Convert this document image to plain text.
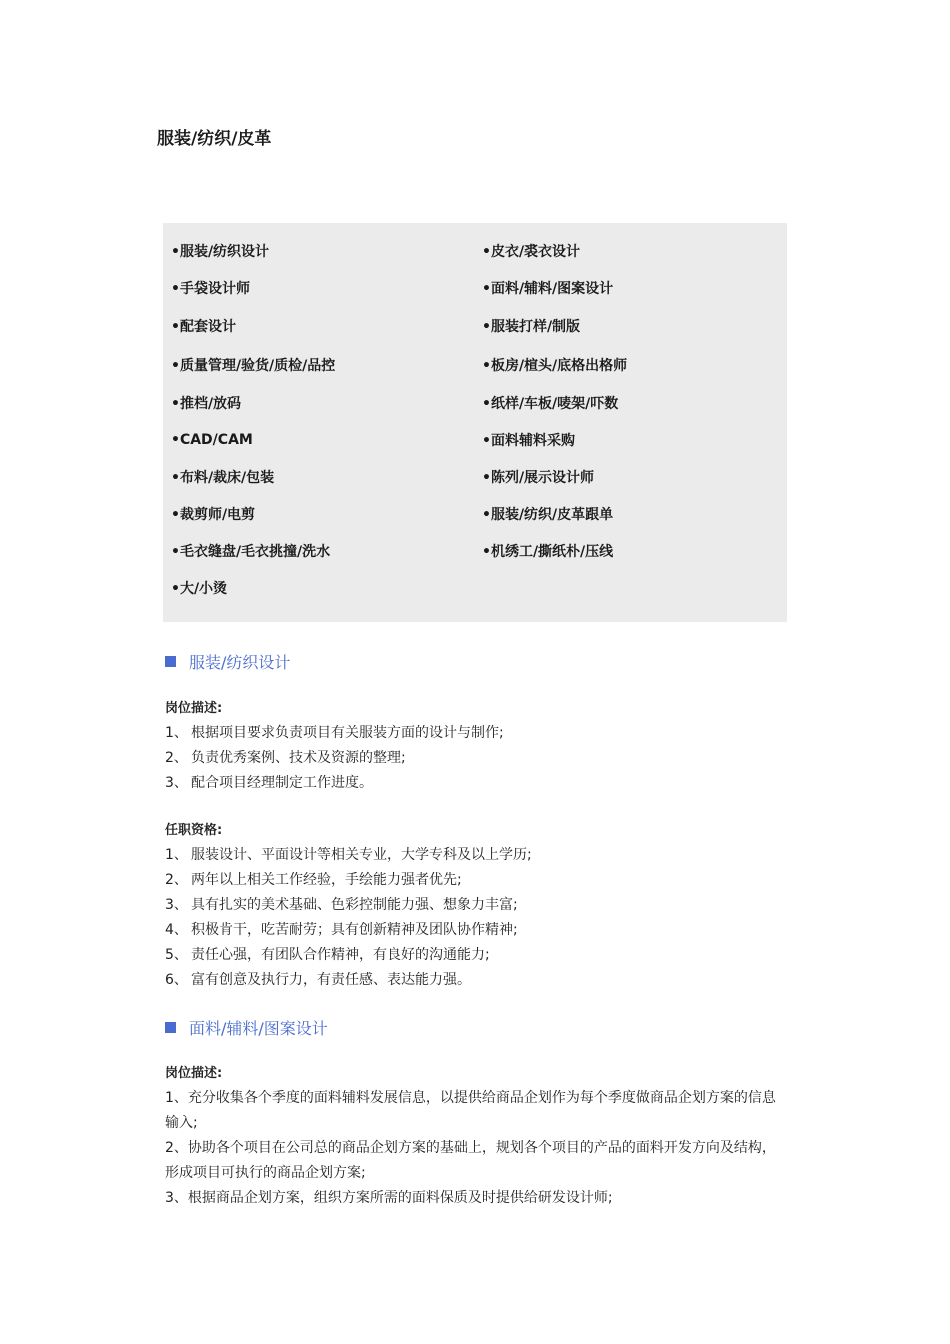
服装/纺织/皮革
•服装/纺织设计	•皮衣/裘衣设计
•手袋设计师	•面料/辅料/图案设计
•配套设计	•服装打样/制版
•质量管理/验货/质检/品控	•板房/楦头/底格出格师
•推档/放码	•纸样/车板/唛架/吓数
•CAD/CAM	•面料辅料采购
•布料/裁床/包装	•陈列/展示设计师
•裁剪师/电剪	•服装/纺织/皮革跟单
•毛衣缝盘/毛衣挑撞/洗水	•机绣工/撕纸朴/压线
•大/小烫
服装/纺织设计
岗位描述:
1、 根据项目要求负责项目有关服装方面的设计与制作;
2、 负责优秀案例、技术及资源的整理;
3、 配合项目经理制定工作进度。
任职资格:
1、 服装设计、平面设计等相关专业，大学专科及以上学历;
2、 两年以上相关工作经验，手绘能力强者优先;
3、 具有扎实的美术基础、色彩控制能力强、想象力丰富;
4、 积极肯干，吃苦耐劳；具有创新精神及团队协作精神;
5、 责任心强，有团队合作精神，有良好的沟通能力;
6、 富有创意及执行力，有责任感、表达能力强。
面料/辅料/图案设计
岗位描述:
1、充分收集各个季度的面料辅料发展信息，以提供给商品企划作为每个季度做商品企划方案的信息输入;
2、协助各个项目在公司总的商品企划方案的基础上，规划各个项目的产品的面料开发方向及结构，形成项目可执行的商品企划方案;
3、根据商品企划方案，组织方案所需的面料保质及时提供给研发设计师;
